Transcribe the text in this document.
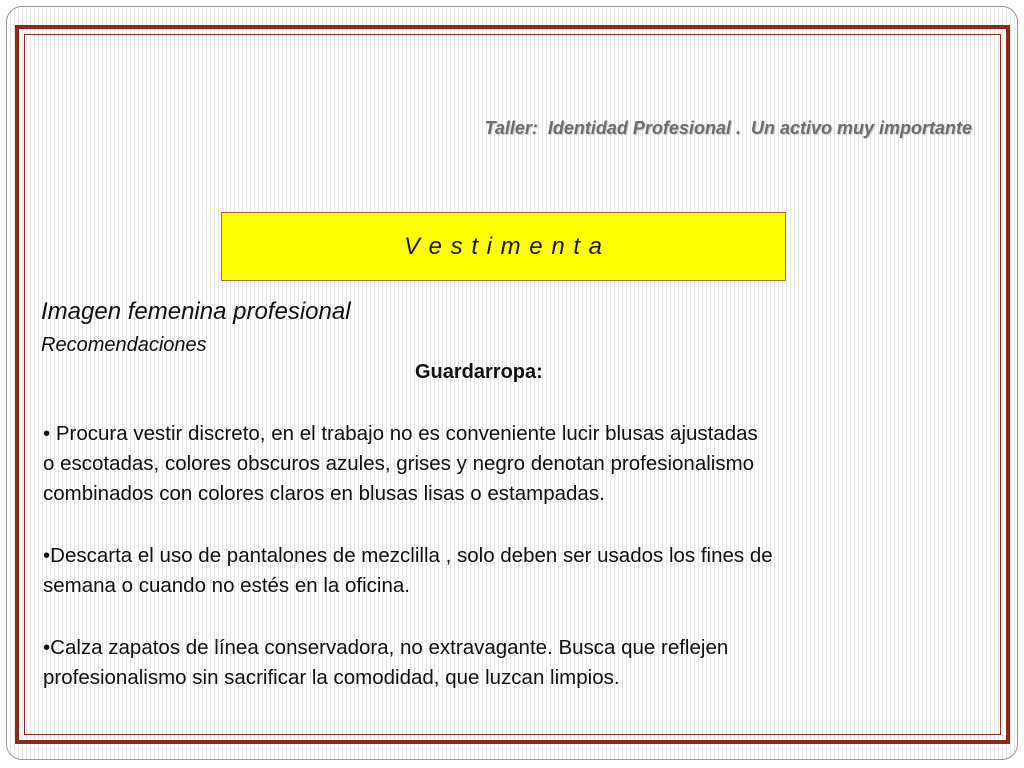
Taller:  Identidad Profesional .  Un activo muy importante
V e s t i m e n t a
Imagen femenina profesional
Recomendaciones
Guardarropa:

• Procura vestir discreto, en el trabajo no es conveniente lucir blusas ajustadas
o escotadas, colores obscuros azules, grises y negro denotan profesionalismo
combinados con colores claros en blusas lisas o estampadas.

•Descarta el uso de pantalones de mezclilla , solo deben ser usados los fines de
semana o cuando no estés en la oficina.

•Calza zapatos de línea conservadora, no extravagante. Busca que reflejen
profesionalismo sin sacrificar la comodidad, que luzcan limpios.
